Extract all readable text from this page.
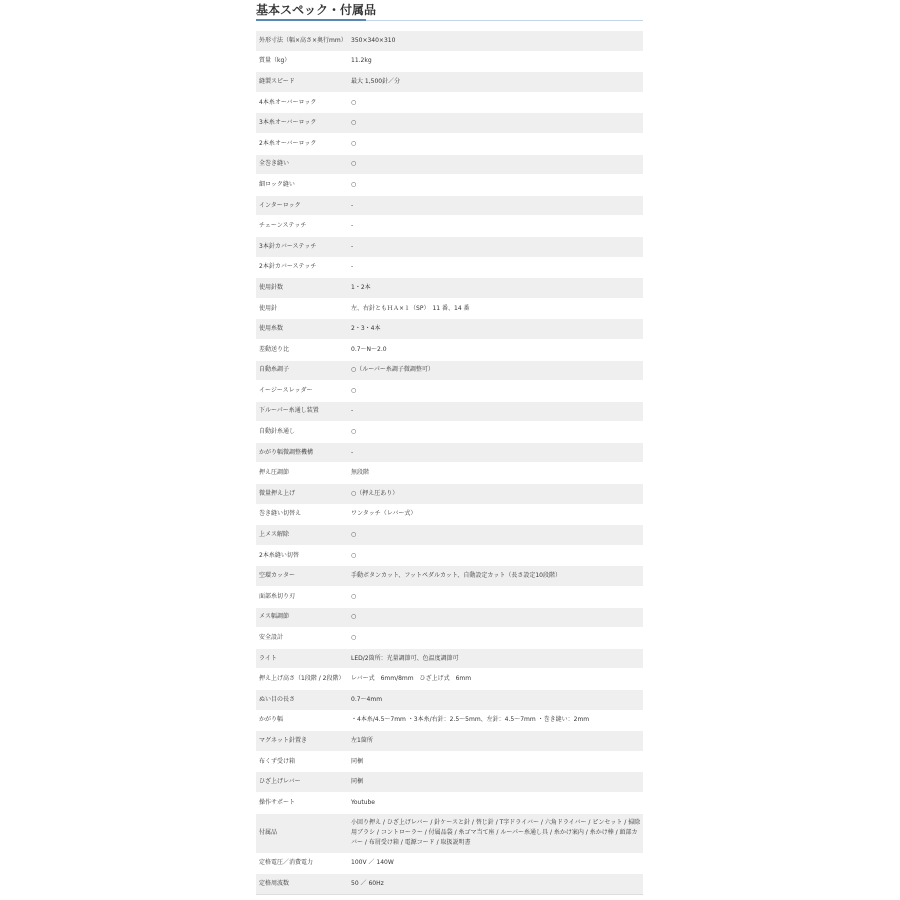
基本スペック・付属品
外形寸法（幅×高さ×奥行mm）	350×340×310
質量（kg）	11.2kg
縫製スピード	最大 1,500針／分
4本糸オーバーロック	○
3本糸オーバーロック	○
2本糸オーバーロック	○
全巻き縫い	○
細ロック縫い	○
インターロック	-
チェーンステッチ	-
3本針カバーステッチ	-
2本針カバーステッチ	-
使用針数	1・2本
使用針	左、右針ともＨＡ×１（SP）　11 番、14 番
使用糸数	2・3・4本
差動送り比	0.7～N～2.0
自動糸調子	○（ルーパー糸調子微調整可）
イージースレッダー	○
下ルーパー糸通し装置	-
自動針糸通し	○
かがり幅微調整機構	-
押え圧調節	無段階
微量押え上げ	○（押え圧あり）
巻き縫い切替え	ワンタッチ（レバー式）
上メス解除	○
2本糸縫い切替	○
空環カッター	手動ボタンカット、フットペダルカット、自動設定カット（長さ設定10段階）
面部糸切り刃	○
メス幅調節	○
安全設計	○
ライト	LED/2箇所：光量調節可、色温度調節可
押え上げ高さ（1段階 / 2段階）	レバー式　6mm/8mm　ひざ上げ式　6mm
ぬい目の長さ	0.7～4mm
かがり幅	・4本糸/4.5～7mm ・3本糸/右針：2.5～5mm、左針：4.5～7mm ・巻き縫い：2mm
マグネット針置き	左1箇所
布くず受け箱	同梱
ひざ上げレバー	同梱
操作サポート	Youtube
付属品	小回り押え / ひざ上げレバー / 針ケースと針 / 替じ針 / T字ドライバー / 六角ドライバー / ピンセット / 掃除用ブラシ / コントローラー / 付属品袋 / 糸ゴマ当て座 / ルーパー糸通し具 / 糸かけ案内 / 糸かけ棒 / 頭部カバー / 布屑受け箱 / 電源コード / 取扱説明書
定格電圧／消費電力	100V ／ 140W
定格周波数	50 ／ 60Hz
